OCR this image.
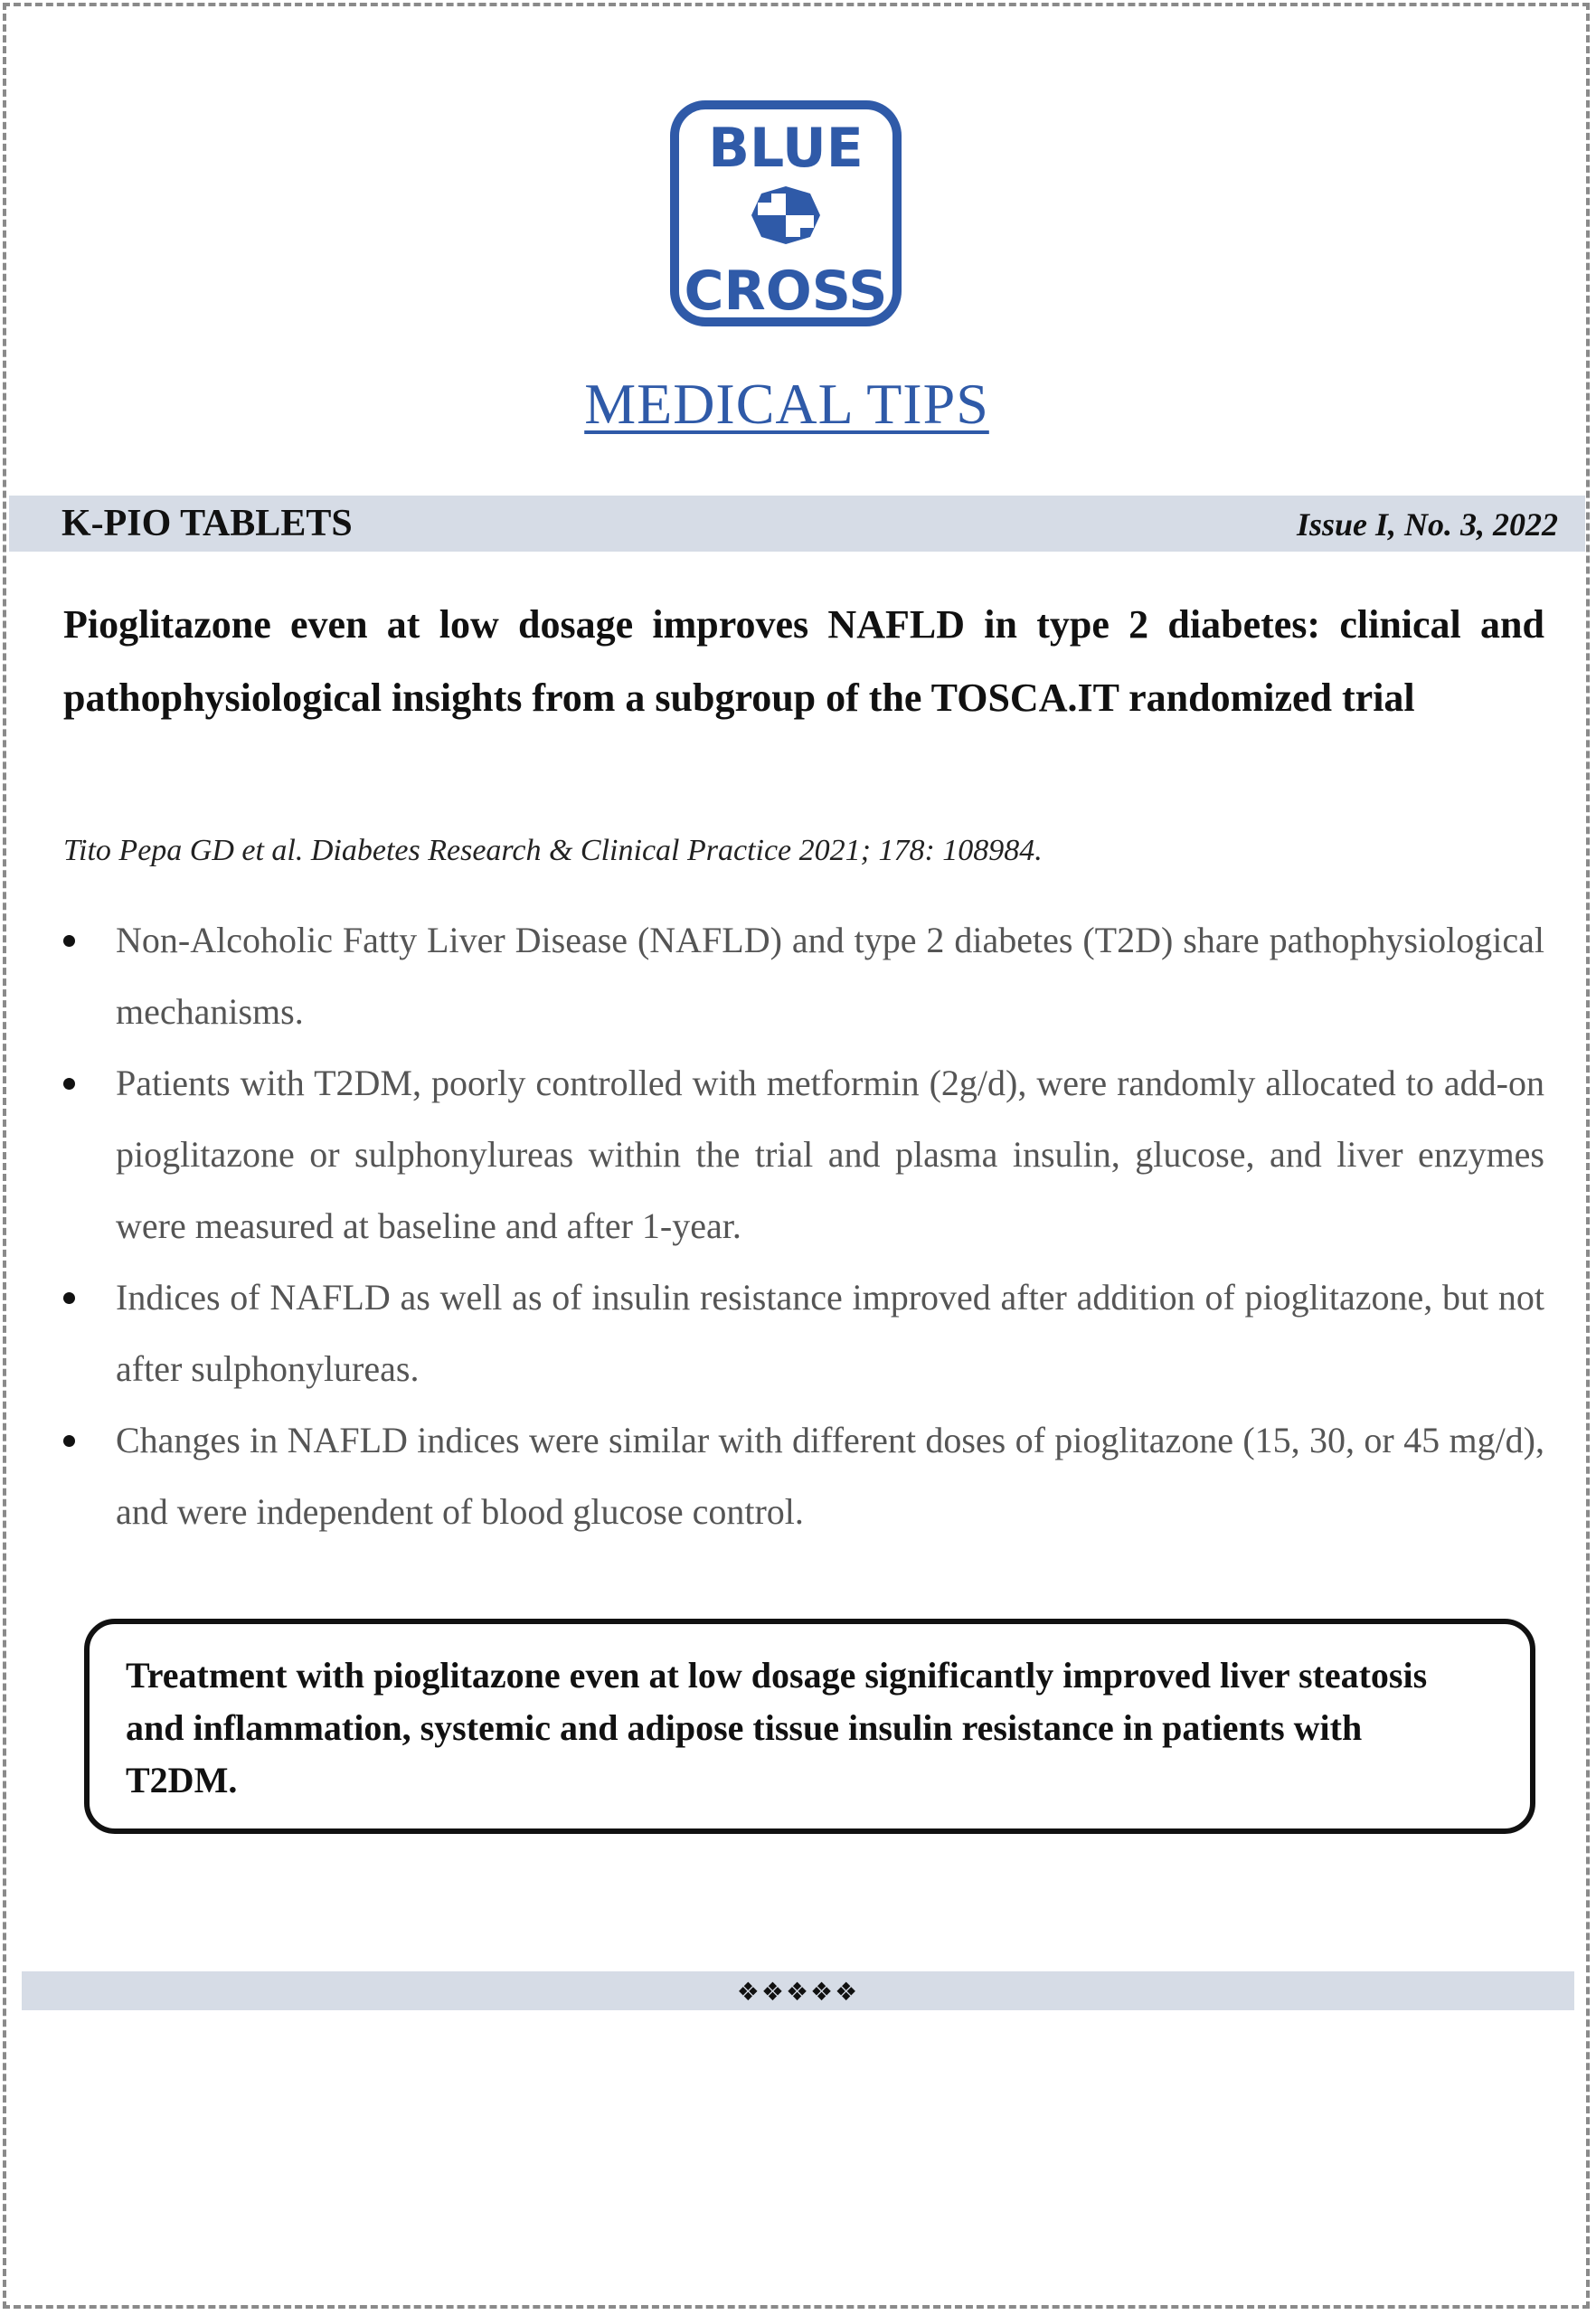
BLUE
CROSS
MEDICAL TIPS
K-PIO TABLETS	Issue I, No. 3, 2022
Pioglitazone even at low dosage improves NAFLD in type 2 diabetes: clinical and pathophysiological insights from a subgroup of the TOSCA.IT randomized trial
Tito Pepa GD et al. Diabetes Research & Clinical Practice 2021; 178: 108984.
Non-Alcoholic Fatty Liver Disease (NAFLD) and type 2 diabetes (T2D) share pathophysiological mechanisms.
Patients with T2DM, poorly controlled with metformin (2g/d), were randomly allocated to add-on pioglitazone or sulphonylureas within the trial and plasma insulin, glucose, and liver enzymes were measured at baseline and after 1-year.
Indices of NAFLD as well as of insulin resistance improved after addition of pioglitazone, but not after sulphonylureas.
Changes in NAFLD indices were similar with different doses of pioglitazone (15, 30, or 45 mg/d), and were independent of blood glucose control.
Treatment with pioglitazone even at low dosage significantly improved liver steatosis and inflammation, systemic and adipose tissue insulin resistance in patients with T2DM.
❖❖❖❖❖
